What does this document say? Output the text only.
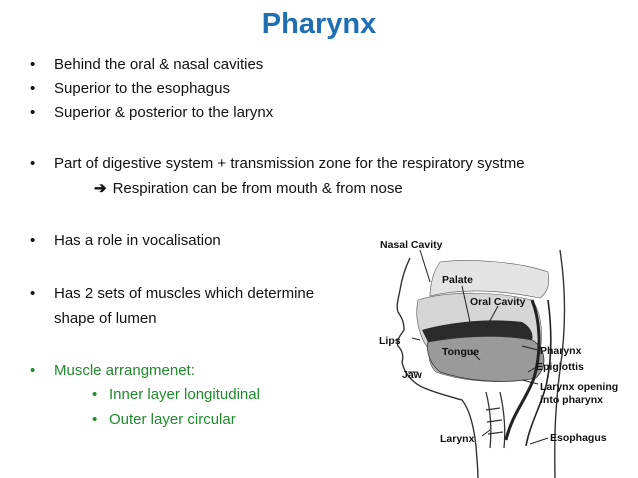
Pharynx
• Behind the oral & nasal cavities
• Superior to the esophagus
• Superior & posterior to the larynx
• Part of digestive system + transmission zone for the respiratory systme
➔ Respiration can be from mouth & from nose
• Has a role in vocalisation
• Has 2 sets of muscles which determine
shape of lumen
• Muscle arrangmenet:
• Inner layer longitudinal
• Outer layer circular
Nasal Cavity
Palate
Oral Cavity
Lips
Tongue
Jaw
Pharynx
Epiglottis
Larynx opening
into pharynx
Larynx	Esophagus
